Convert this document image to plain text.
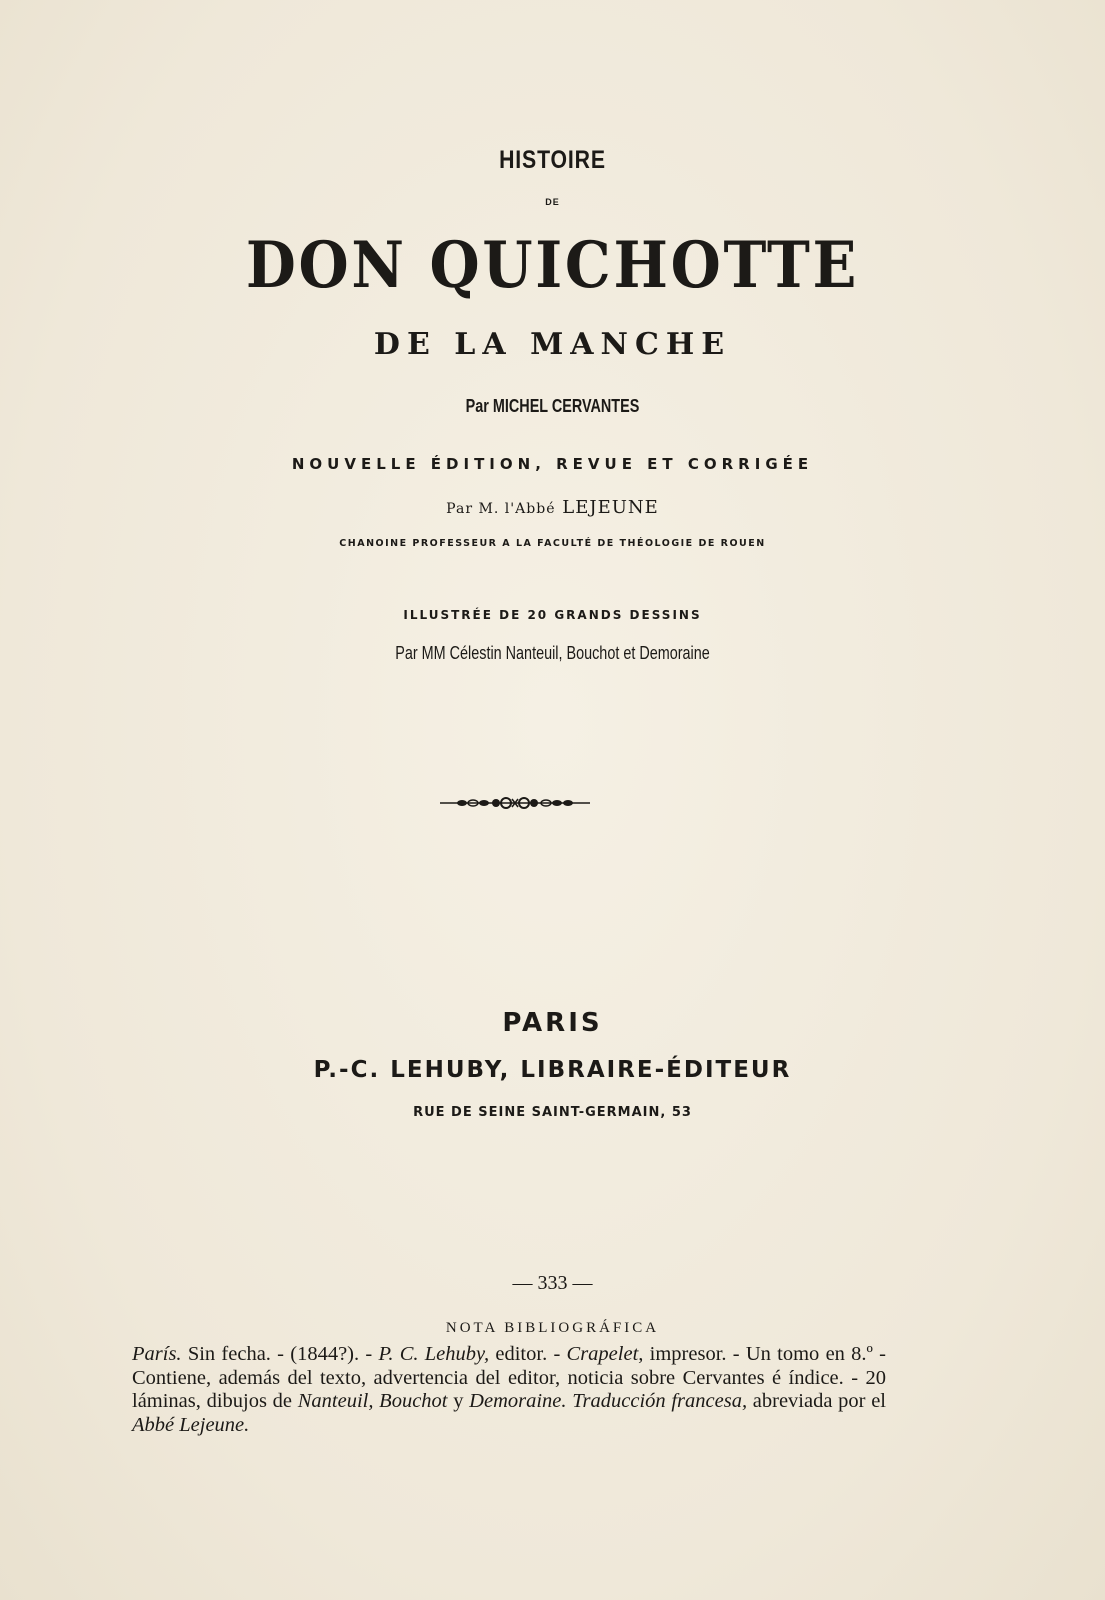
HISTOIRE
DE
DON QUICHOTTE
DE LA MANCHE
Par MICHEL CERVANTES
NOUVELLE ÉDITION, REVUE ET CORRIGÉE
Par M. l'Abbé LEJEUNE
CHANOINE PROFESSEUR A LA FACULTÉ DE THÉOLOGIE DE ROUEN
ILLUSTRÉE DE 20 GRANDS DESSINS
Par MM Célestin Nanteuil, Bouchot et Demoraine
PARIS
P.-C. LEHUBY, LIBRAIRE-ÉDITEUR
RUE DE SEINE SAINT-GERMAIN, 53
— 333 —
NOTA BIBLIOGRÁFICA
París. Sin fecha. - (1844?). - P. C. Lehuby, editor. - Crapelet, impresor. - Un tomo en 8.º - Contiene, además del texto, advertencia del editor, noticia sobre Cervantes é índice. - 20 láminas, dibujos de Nanteuil, Bouchot y Demoraine. Traducción francesa, abreviada por el Abbé Lejeune.
